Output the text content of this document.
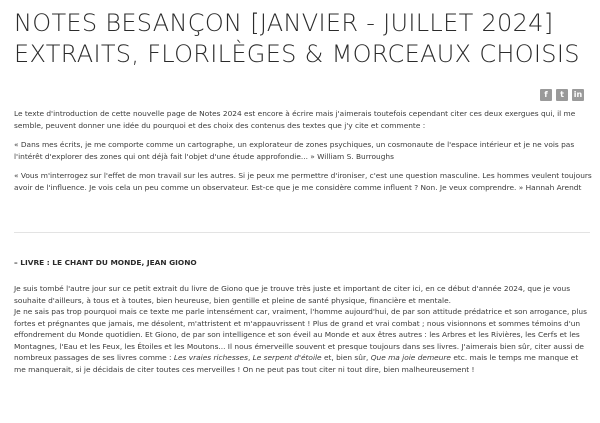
NOTES BESANÇON [JANVIER - JUILLET 2024]
EXTRAITS, FLORILÈGES & MORCEAUX CHOISIS
f	t	in

Le texte d'introduction de cette nouvelle page de Notes 2024 est encore à écrire mais j'aimerais toutefois cependant citer ces deux exergues qui, il me semble, peuvent donner une idée du pourquoi et des choix des contenus des textes que j'y cite et commente :

« Dans mes écrits, je me comporte comme un cartographe, un explorateur de zones psychiques, un cosmonaute de l'espace intérieur et je ne vois pas l'intérêt d'explorer des zones qui ont déjà fait l'objet d'une étude approfondie... » William S. Burroughs

« Vous m'interrogez sur l'effet de mon travail sur les autres. Si je peux me permettre d'ironiser, c'est une question masculine. Les hommes veulent toujours avoir de l'influence. Je vois cela un peu comme un observateur. Est-ce que je me considère comme influent ? Non. Je veux comprendre. » Hannah Arendt

– LIVRE : LE CHANT DU MONDE, JEAN GIONO

Je suis tombé l'autre jour sur ce petit extrait du livre de Giono que je trouve très juste et important de citer ici, en ce début d'année 2024, que je vous souhaite d'ailleurs, à tous et à toutes, bien heureuse, bien gentille et pleine de santé physique, financière et mentale.

Je ne sais pas trop pourquoi mais ce texte me parle intensément car, vraiment, l'homme aujourd'hui, de par son attitude prédatrice et son arrogance, plus fortes et prégnantes que jamais, me désolent, m'attristent et m'appauvrissent ! Plus de grand et vrai combat ; nous visionnons et sommes témoins d'un effondrement du Monde quotidien. Et Giono, de par son intelligence et son éveil au Monde et aux êtres autres : les Arbres et les Rivières, les Cerfs et les Montagnes, l'Eau et les Feux, les Étoiles et les Moutons... Il nous émerveille souvent et presque toujours dans ses livres. J'aimerais bien sûr, citer aussi de nombreux passages de ses livres comme : Les vraies richesses, Le serpent d'étoile et, bien sûr, Que ma joie demeure etc. mais le temps me manque et me manquerait, si je décidais de citer toutes ces merveilles ! On ne peut pas tout citer ni tout dire, bien malheureusement !
